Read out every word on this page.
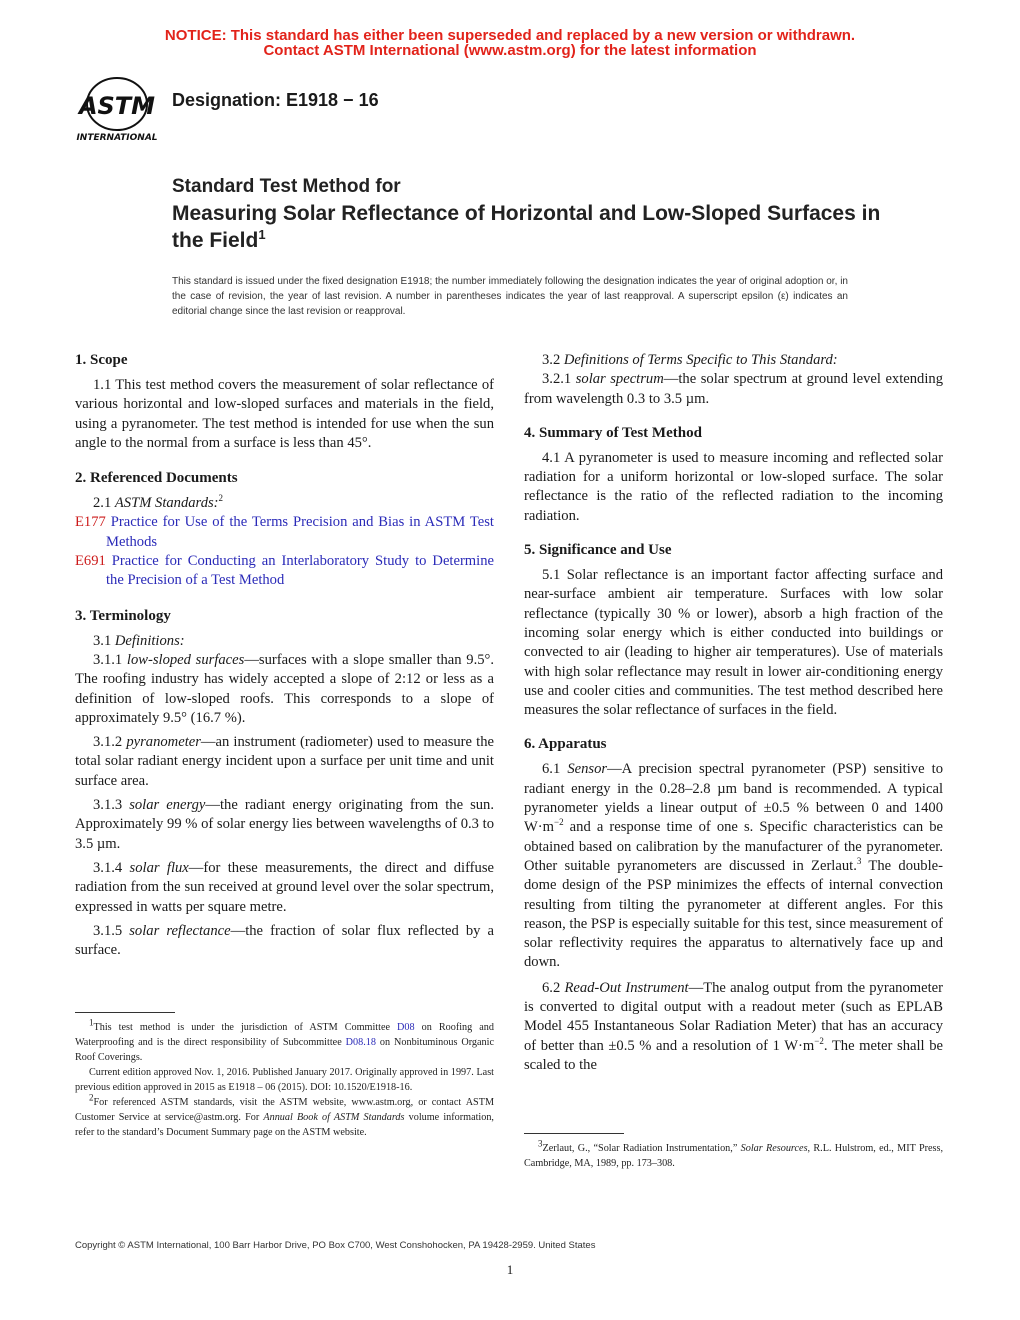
NOTICE: This standard has either been superseded and replaced by a new version or withdrawn.
Contact ASTM International (www.astm.org) for the latest information
ASTM
INTERNATIONAL
Designation: E1918 − 16
Standard Test Method for
Measuring Solar Reflectance of Horizontal and Low-Sloped Surfaces in the Field$^1$
This standard is issued under the fixed designation E1918; the number immediately following the designation indicates the year of original adoption or, in the case of revision, the year of last revision. A number in parentheses indicates the year of last reapproval. A superscript epsilon (ε) indicates an editorial change since the last revision or reapproval.
1. Scope

1.1 This test method covers the measurement of solar reflectance of various horizontal and low-sloped surfaces and materials in the field, using a pyranometer. The test method is intended for use when the sun angle to the normal from a surface is less than 45°.

2. Referenced Documents

2.1 ASTM Standards:$^2$

E177 Practice for Use of the Terms Precision and Bias in ASTM Test Methods

E691 Practice for Conducting an Interlaboratory Study to Determine the Precision of a Test Method

3. Terminology

3.1 Definitions:

3.1.1 low-sloped surfaces—surfaces with a slope smaller than 9.5°. The roofing industry has widely accepted a slope of 2:12 or less as a definition of low-sloped roofs. This corresponds to a slope of approximately 9.5° (16.7 %).

3.1.2 pyranometer—an instrument (radiometer) used to measure the total solar radiant energy incident upon a surface per unit time and unit surface area.

3.1.3 solar energy—the radiant energy originating from the sun. Approximately 99 % of solar energy lies between wavelengths of 0.3 to 3.5 µm.

3.1.4 solar flux—for these measurements, the direct and diffuse radiation from the sun received at ground level over the solar spectrum, expressed in watts per square metre.

3.1.5 solar reflectance—the fraction of solar flux reflected by a surface.

$^1$This test method is under the jurisdiction of ASTM Committee D08 on Roofing and Waterproofing and is the direct responsibility of Subcommittee D08.18 on Nonbituminous Organic Roof Coverings.

Current edition approved Nov. 1, 2016. Published January 2017. Originally approved in 1997. Last previous edition approved in 2015 as E1918 – 06 (2015). DOI: 10.1520/E1918-16.

$^2$For referenced ASTM standards, visit the ASTM website, www.astm.org, or contact ASTM Customer Service at service@astm.org. For Annual Book of ASTM Standards volume information, refer to the standard’s Document Summary page on the ASTM website.

3.2 Definitions of Terms Specific to This Standard:

3.2.1 solar spectrum—the solar spectrum at ground level extending from wavelength 0.3 to 3.5 µm.

4. Summary of Test Method

4.1 A pyranometer is used to measure incoming and reflected solar radiation for a uniform horizontal or low-sloped surface. The solar reflectance is the ratio of the reflected radiation to the incoming radiation.

5. Significance and Use

5.1 Solar reflectance is an important factor affecting surface and near-surface ambient air temperature. Surfaces with low solar reflectance (typically 30 % or lower), absorb a high fraction of the incoming solar energy which is either conducted into buildings or convected to air (leading to higher air temperatures). Use of materials with high solar reflectance may result in lower air-conditioning energy use and cooler cities and communities. The test method described here measures the solar reflectance of surfaces in the field.

6. Apparatus

6.1 Sensor—A precision spectral pyranometer (PSP) sensitive to radiant energy in the 0.28–2.8 µm band is recommended. A typical pyranometer yields a linear output of ±0.5 % between 0 and 1400 $W\cdot m^{-2}$ and a response time of one s. Specific characteristics can be obtained based on calibration by the manufacturer of the pyranometer. Other suitable pyranometers are discussed in Zerlaut.$^3$ The double-dome design of the PSP minimizes the effects of internal convection resulting from tilting the pyranometer at different angles. For this reason, the PSP is especially suitable for this test, since measurement of solar reflectivity requires the apparatus to alternatively face up and down.

6.2 Read-Out Instrument—The analog output from the pyranometer is converted to digital output with a readout meter (such as EPLAB Model 455 Instantaneous Solar Radiation Meter) that has an accuracy of better than ±0.5 % and a resolution of 1 $W\cdot m^{-2}$. The meter shall be scaled to the

$^3$Zerlaut, G., “Solar Radiation Instrumentation,” Solar Resources, R.L. Hulstrom, ed., MIT Press, Cambridge, MA, 1989, pp. 173–308.

Copyright © ASTM International, 100 Barr Harbor Drive, PO Box C700, West Conshohocken, PA 19428-2959. United States
1
